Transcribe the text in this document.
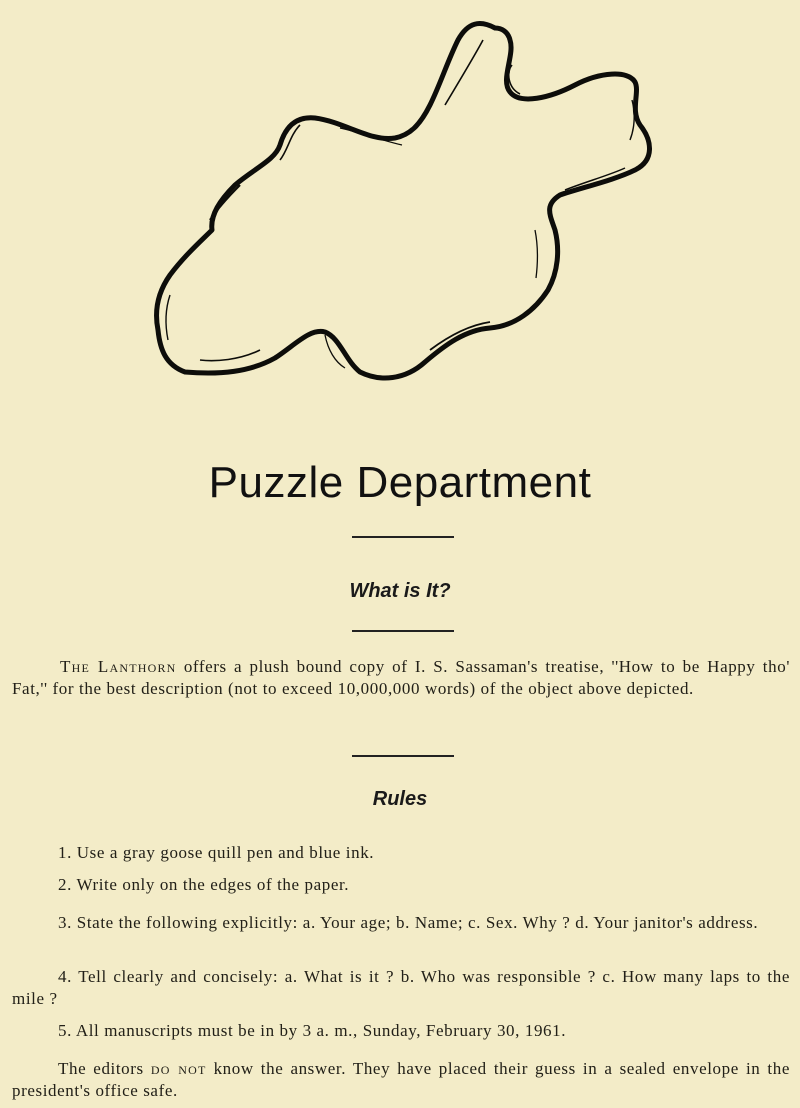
Puzzle Department
What is It?
The Lanthorn offers a plush bound copy of I. S. Sassaman's treatise, ''How to be Happy tho' Fat,'' for the best description (not to exceed 10,000,000 words) of the object above depicted.
Rules
1. Use a gray goose quill pen and blue ink.
2. Write only on the edges of the paper.
3. State the following explicitly: a. Your age; b. Name; c. Sex. Why ? d. Your janitor's address.
4. Tell clearly and concisely: a. What is it ? b. Who was responsible ? c. How many laps to the mile ?
5. All manuscripts must be in by 3 a. m., Sunday, February 30, 1961.
The editors do not know the answer. They have placed their guess in a sealed envelope in the president's office safe.
